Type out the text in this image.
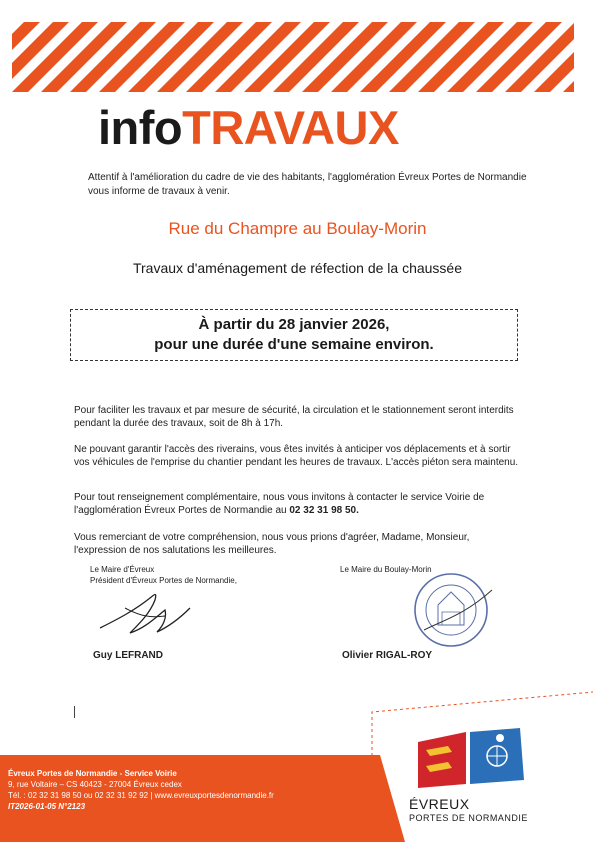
infoTRAVAUX
Attentif à l'amélioration du cadre de vie des habitants, l'agglomération Évreux Portes de Normandie vous informe de travaux à venir.
Rue du Champre au Boulay-Morin
Travaux d'aménagement de réfection de la chaussée
À partir du 28 janvier 2026,
pour une durée d'une semaine environ.
Pour faciliter les travaux et par mesure de sécurité, la circulation et le stationnement seront interdits pendant la durée des travaux, soit de 8h à 17h.
Ne pouvant garantir l'accès des riverains, vous êtes invités à anticiper vos déplacements et à sortir vos véhicules de l'emprise du chantier pendant les heures de travaux. L'accès piéton sera maintenu.
Pour tout renseignement complémentaire, nous vous invitons à contacter le service Voirie de l'agglomération Évreux Portes de Normandie au 02 32 31 98 50.
Vous remerciant de votre compréhension, nous vous prions d'agréer, Madame, Monsieur, l'expression de nos salutations les meilleures.
Le Maire d'Évreux
Président d'Évreux Portes de Normandie,
Guy LEFRAND
Le Maire du Boulay-Morin
Olivier RIGAL-ROY
Évreux Portes de Normandie - Service Voirie
9, rue Voltaire – CS 40423 - 27004 Évreux cedex
Tél. : 02 32 31 98 50 ou 02 32 31 92 92 | www.evreuxportesdenormandie.fr
IT2026-01-05 N°2123	ÉVREUX
PORTES DE NORMANDIE
